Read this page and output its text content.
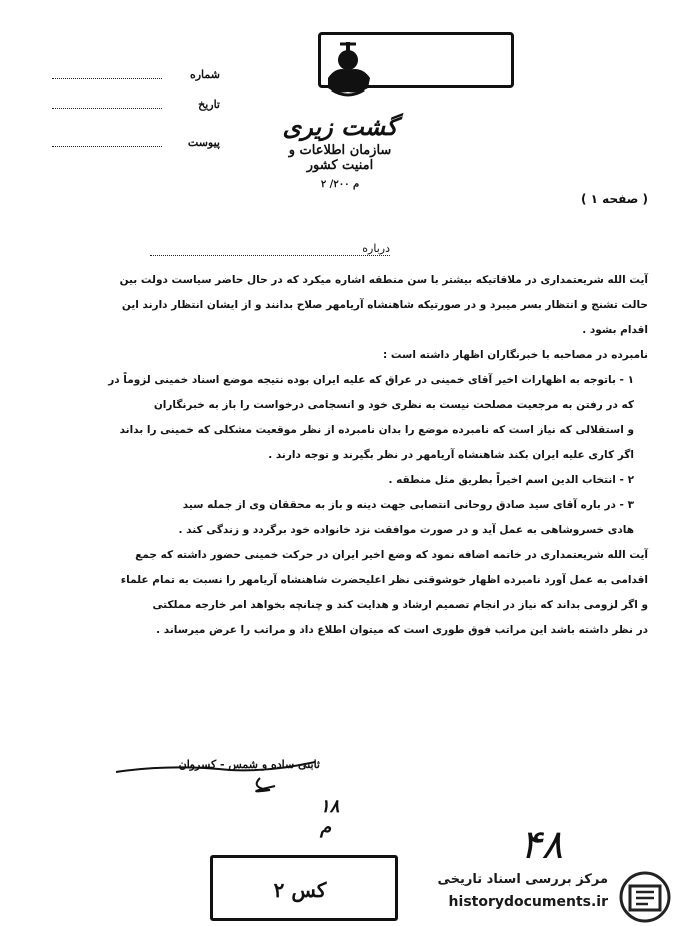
شماره
تاریخ
پیوست
گشت زیری
سازمان اطلاعات و امنیت کشور
م ۲۰۰/ ۲
( صفحه ۱ )
درباره

آیت الله شریعتمداری در ملاقاتیکه بیشتر با سن منطقه اشاره میکرد که در حال حاضر سیاست دولت بین

حالت تشنج و انتظار بسر میبرد و در صورتیکه شاهنشاه آریامهر صلاح بدانند و از ایشان انتظار دارند این

اقدام بشود .

نامبرده در مصاحبه با خبرنگاران اظهار داشته است :

۱ - باتوجه به اظهارات اخیر آقای خمینی در عراق که علیه ایران بوده نتیجه موضع اسناد خمینی لزوماً در

که در رفتن به مرجعیت مصلحت نیست به نظری خود و انسجامی درخواست را باز به خبرنگاران

و استقلالی که نیاز است که نامبرده موضع را بدان نامبرده از نظر موقعیت مشکلی که خمینی را بداند

اگر کاری علیه ایران بکند شاهنشاه آریامهر در نظر بگیرند و توجه دارند .

۲ - انتخاب الدین اسم اخیراً بطریق مثل منطقه .

۳ - در باره آقای سید صادق روحانی انتصابی جهت دینه و باز به محققان وی از جمله سید

هادی خسروشاهی به عمل آید و در صورت موافقت نزد خانواده خود برگردد و زندگی کند .

آیت الله شریعتمداری در خاتمه اضافه نمود که وضع اخیر ایران در حرکت خمینی حضور داشته که جمع

اقدامی به عمل آورد نامبرده اظهار خوشوقتی نظر اعلیحضرت شاهنشاه آریامهر را نسبت به تمام علماء

و اگر لزومی بداند که نیاز در انجام تصمیم ارشاد و هدایت کند و چنانچه بخواهد امر خارجه مملکتی

در نظر داشته باشد این مراتب فوق طوری است که میتوان اطلاع داد و مراتب را عرض میرساند .

ثابتی ساده و شمس - کسروان
۱۸ م
کس ۲
۴۸
مرکز بررسی اسناد تاریخی
historydocuments.ir
